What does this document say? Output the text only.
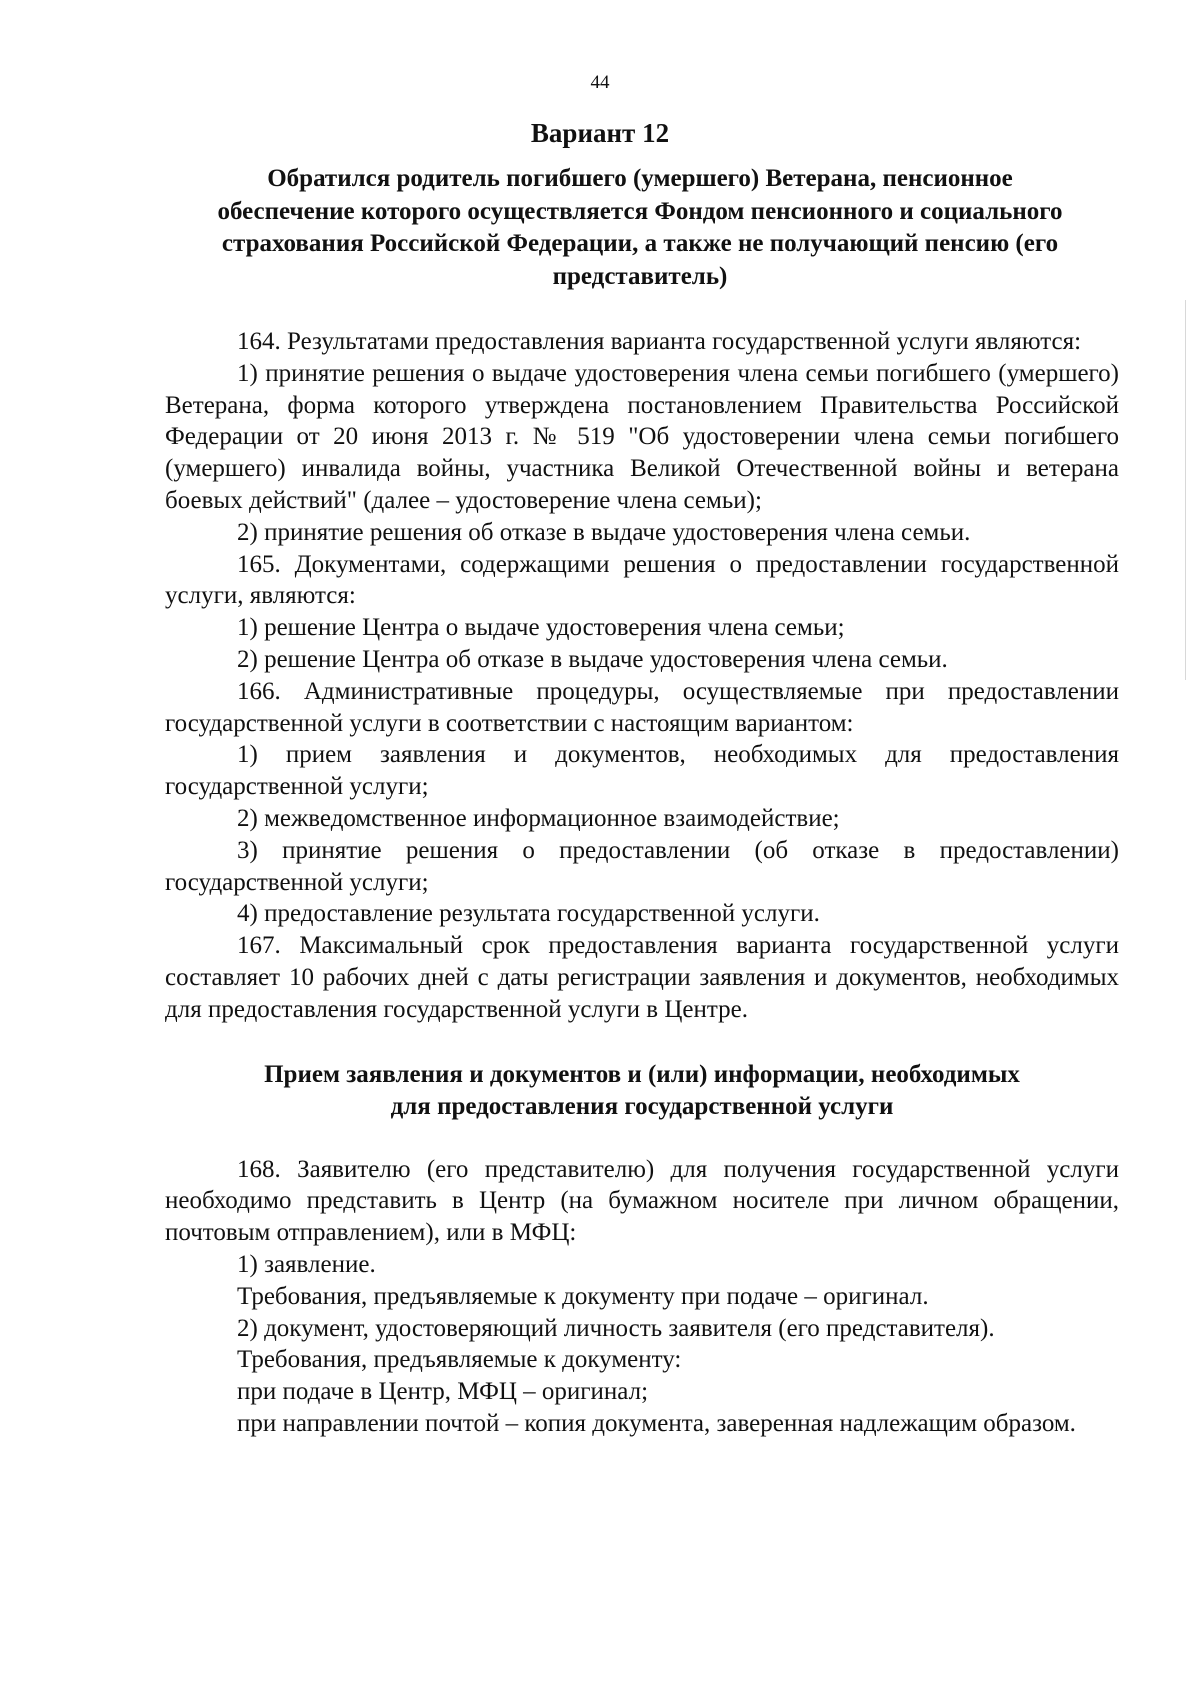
44
Вариант 12
Обратился родитель погибшего (умершего) Ветерана, пенсионное обеспечение которого осуществляется Фондом пенсионного и социального страхования Российской Федерации, а также не получающий пенсию (его представитель)

164. Результатами предоставления варианта государственной услуги являются:

1) принятие решения о выдаче удостоверения члена семьи погибшего (умершего) Ветерана, форма которого утверждена постановлением Правительства Российской Федерации от 20 июня 2013 г. № 519 "Об удостоверении члена семьи погибшего (умершего) инвалида войны, участника Великой Отечественной войны и ветерана боевых действий" (далее – удостоверение члена семьи);

2) принятие решения об отказе в выдаче удостоверения члена семьи.

165. Документами, содержащими решения о предоставлении государственной услуги, являются:

1) решение Центра о выдаче удостоверения члена семьи;

2) решение Центра об отказе в выдаче удостоверения члена семьи.

166. Административные процедуры, осуществляемые при предоставлении государственной услуги в соответствии с настоящим вариантом:

1) прием заявления и документов, необходимых для предоставления государственной услуги;

2) межведомственное информационное взаимодействие;

3) принятие решения о предоставлении (об отказе в предоставлении) государственной услуги;

4) предоставление результата государственной услуги.

167. Максимальный срок предоставления варианта государственной услуги составляет 10 рабочих дней с даты регистрации заявления и документов, необходимых для предоставления государственной услуги в Центре.

Прием заявления и документов и (или) информации, необходимых
для предоставления государственной услуги

168. Заявителю (его представителю) для получения государственной услуги необходимо представить в Центр (на бумажном носителе при личном обращении, почтовым отправлением), или в МФЦ:

1) заявление.

Требования, предъявляемые к документу при подаче – оригинал.

2) документ, удостоверяющий личность заявителя (его представителя).

Требования, предъявляемые к документу:

при подаче в Центр, МФЦ – оригинал;

при направлении почтой – копия документа, заверенная надлежащим образом.
